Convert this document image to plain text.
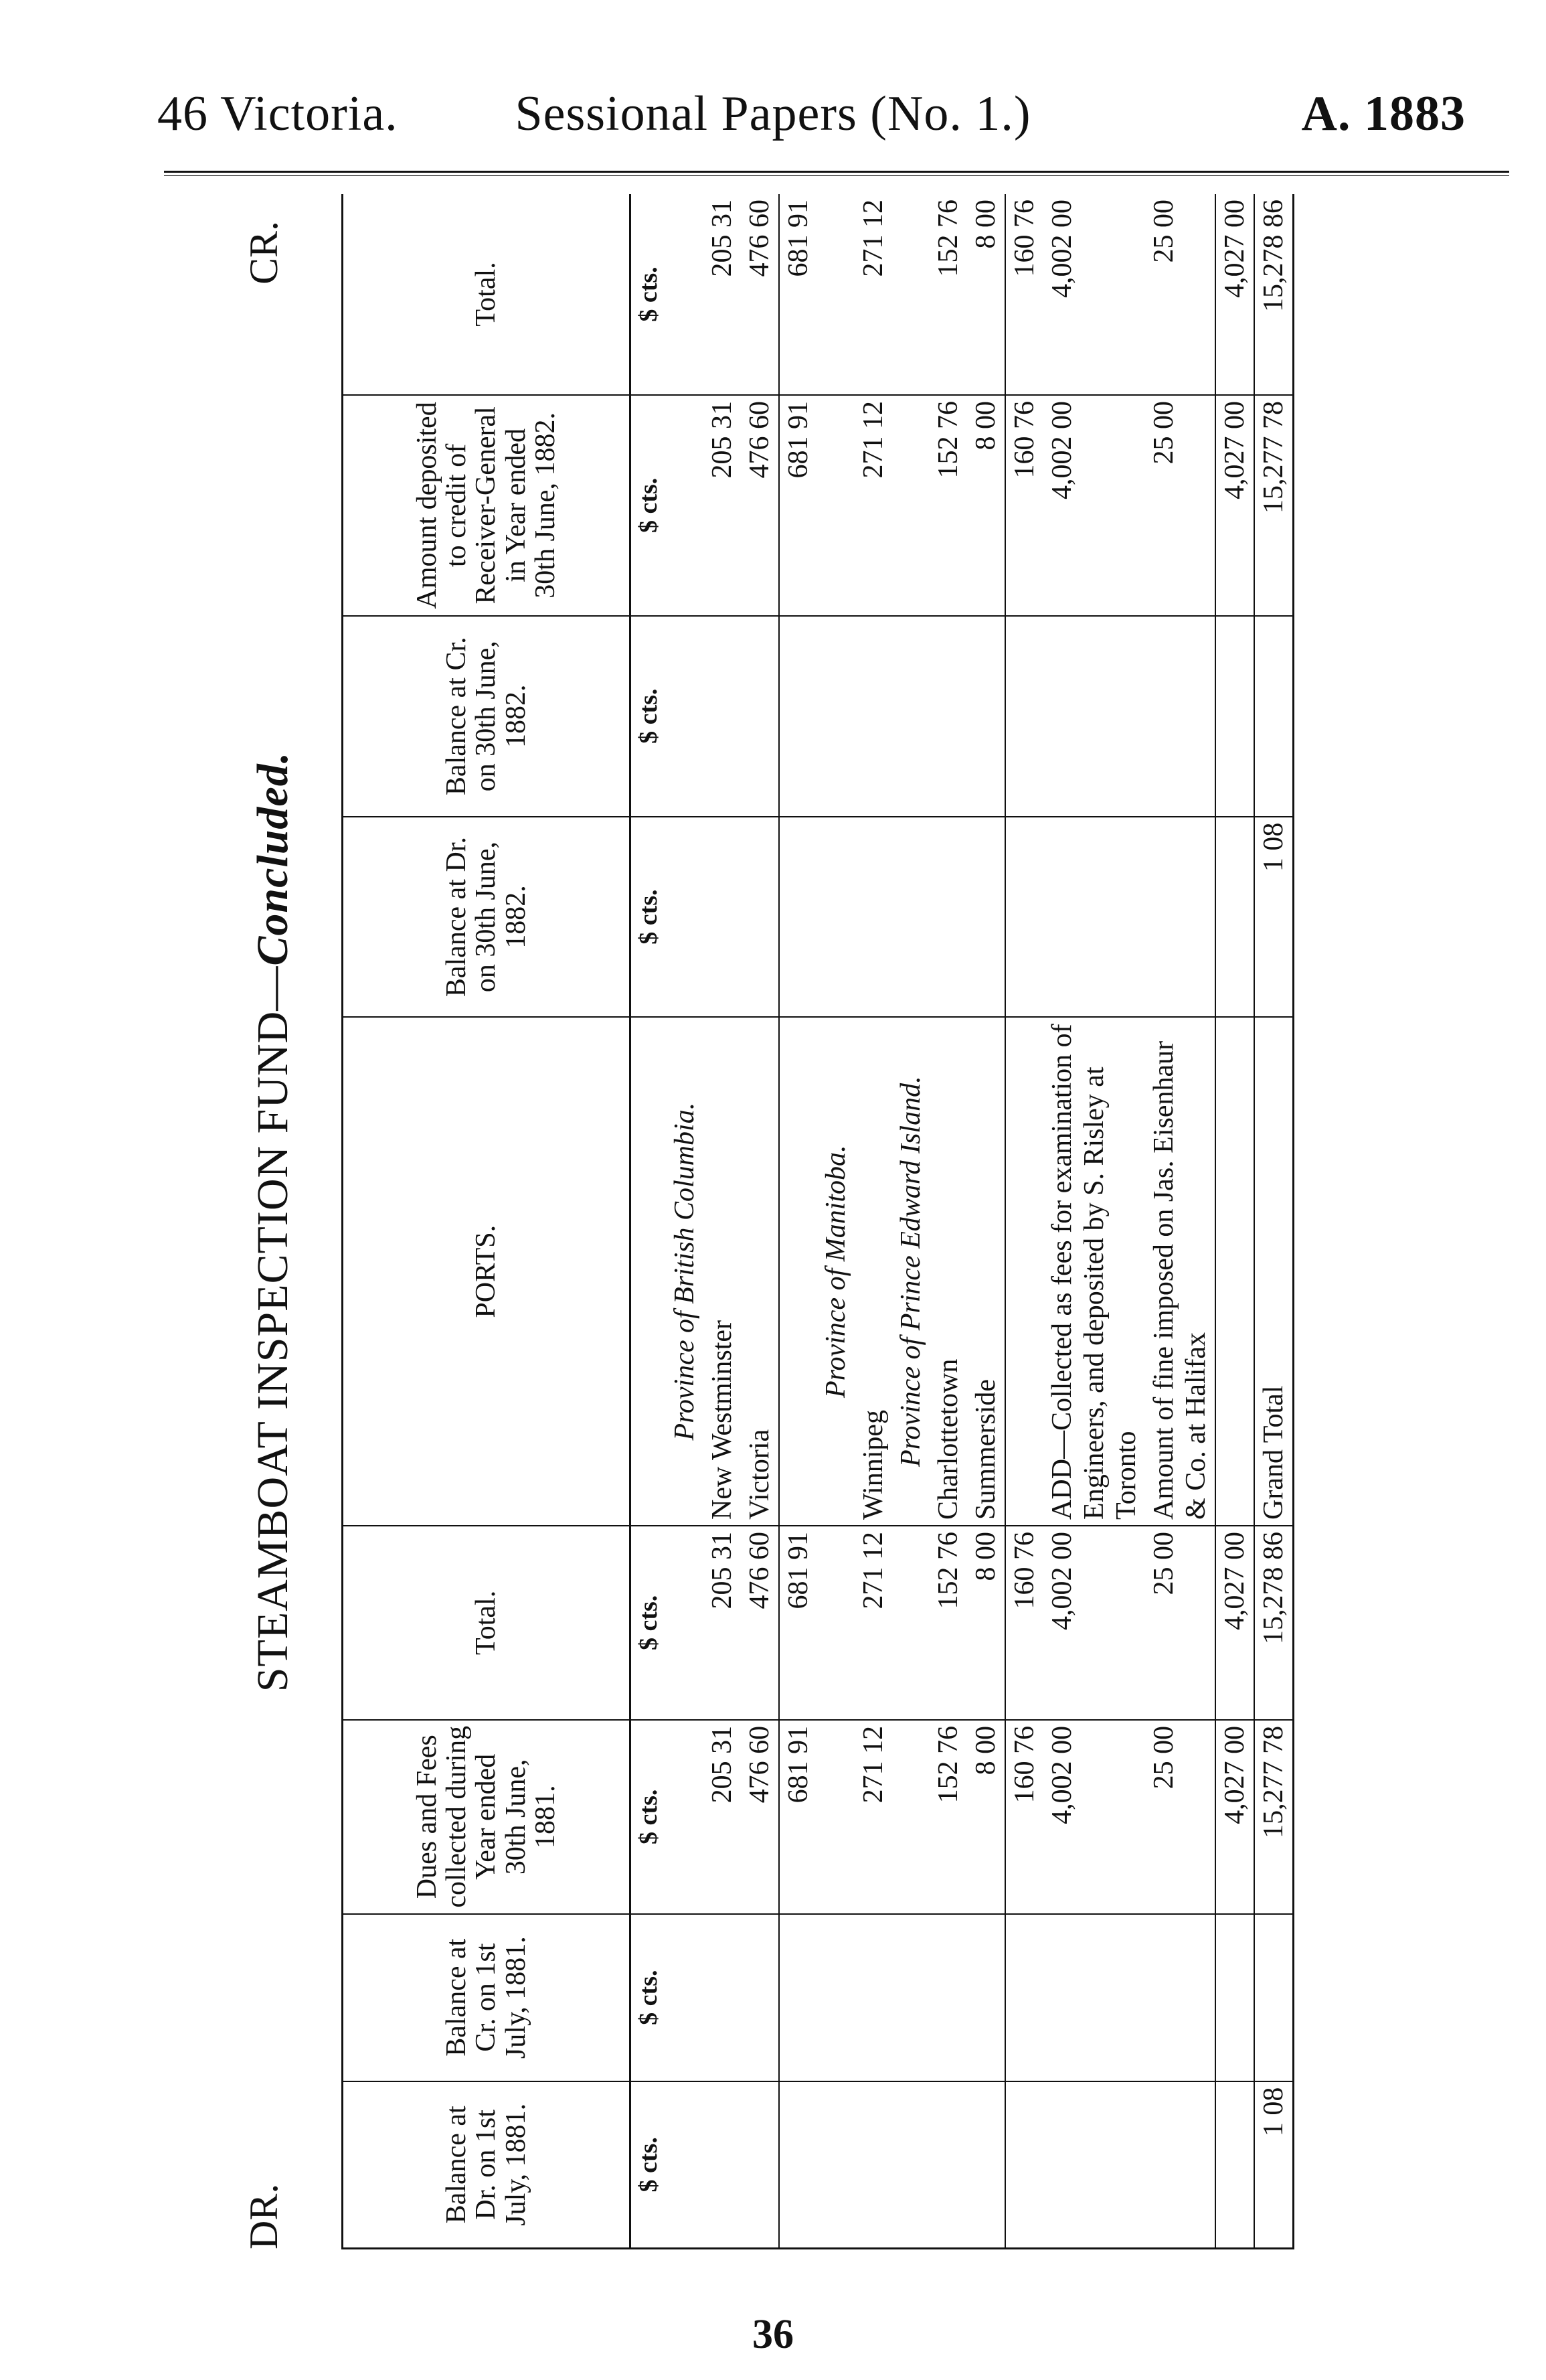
46 Victoria.	Sessional Papers (No. 1.)	A. 1883
DR.
STEAMBOAT INSPECTION FUND—Concluded.
CR.
Balance at Dr. on 1st July, 1881.	Balance at Cr. on 1st July, 1881.	Dues and Fees collected during Year ended 30th June, 1881.	Total.	PORTS.	Balance at Dr. on 30th June, 1882.	Balance at Cr. on 30th June, 1882.	Amount deposited to credit of Receiver-General in Year ended 30th June, 1882.	Total.
$ cts.	$ cts.	$ cts.	$ cts.		$ cts.	$ cts.	$ cts.	$ cts.
				Province of British Columbia.				
		205 31	205 31	New Westminster			205 31	205 31
		476 60	476 60	Victoria			476 60	476 60
		681 91	681 91				681 91	681 91
				Province of Manitoba.				
		271 12	271 12	Winnipeg			271 12	271 12
				Province of Prince Edward Island.				
		152 76	152 76	Charlottetown			152 76	152 76
		8 00	8 00	Summerside			8 00	8 00
		160 76	160 76				160 76	160 76
		4,002 00	4,002 00	ADD—Collected as fees for examination of Engineers, and deposited by S. Risley at Toronto			4,002 00	4,002 00
		25 00	25 00	Amount of fine imposed on Jas. Eisenhaur & Co. at Halifax			25 00	25 00
		4,027 00	4,027 00				4,027 00	4,027 00
1 08		15,277 78	15,278 86	Grand Total	1 08		15,277 78	15,278 86
36
